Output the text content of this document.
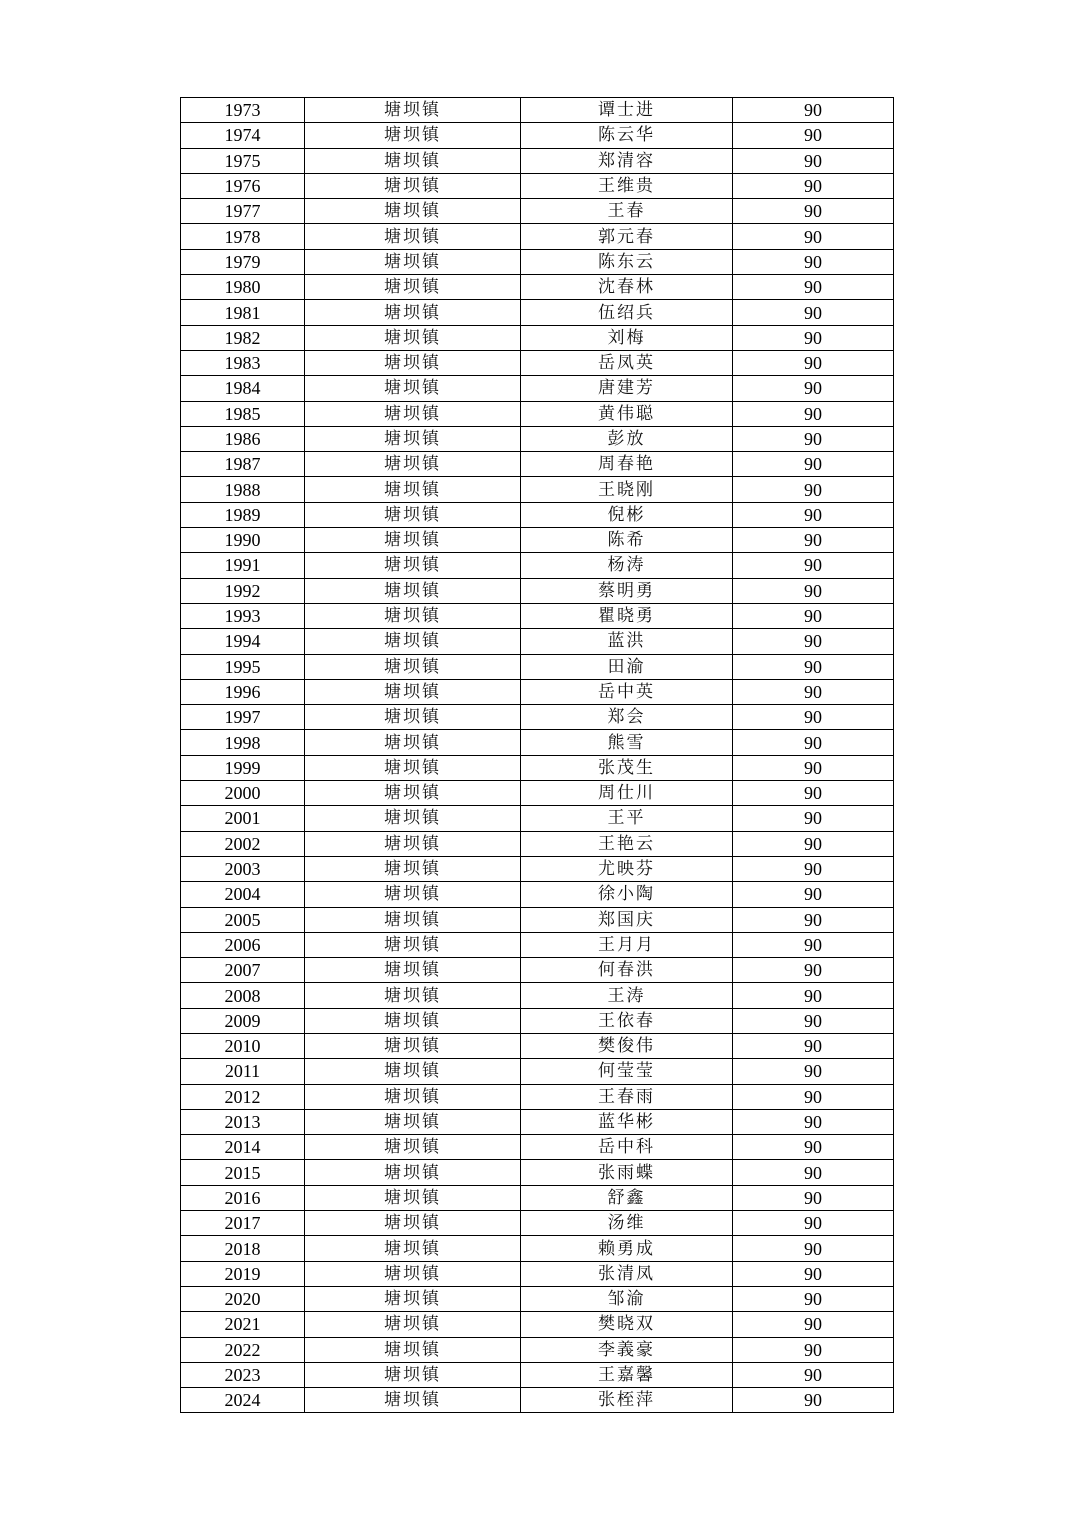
1973	塘坝镇	谭士进	90
1974	塘坝镇	陈云华	90
1975	塘坝镇	郑清容	90
1976	塘坝镇	王维贵	90
1977	塘坝镇	王春	90
1978	塘坝镇	郭元春	90
1979	塘坝镇	陈东云	90
1980	塘坝镇	沈春林	90
1981	塘坝镇	伍绍兵	90
1982	塘坝镇	刘梅	90
1983	塘坝镇	岳凤英	90
1984	塘坝镇	唐建芳	90
1985	塘坝镇	黄伟聪	90
1986	塘坝镇	彭放	90
1987	塘坝镇	周春艳	90
1988	塘坝镇	王晓刚	90
1989	塘坝镇	倪彬	90
1990	塘坝镇	陈希	90
1991	塘坝镇	杨涛	90
1992	塘坝镇	蔡明勇	90
1993	塘坝镇	瞿晓勇	90
1994	塘坝镇	蓝洪	90
1995	塘坝镇	田渝	90
1996	塘坝镇	岳中英	90
1997	塘坝镇	郑会	90
1998	塘坝镇	熊雪	90
1999	塘坝镇	张茂生	90
2000	塘坝镇	周仕川	90
2001	塘坝镇	王平	90
2002	塘坝镇	王艳云	90
2003	塘坝镇	尤映芬	90
2004	塘坝镇	徐小陶	90
2005	塘坝镇	郑国庆	90
2006	塘坝镇	王月月	90
2007	塘坝镇	何春洪	90
2008	塘坝镇	王涛	90
2009	塘坝镇	王依春	90
2010	塘坝镇	樊俊伟	90
2011	塘坝镇	何莹莹	90
2012	塘坝镇	王春雨	90
2013	塘坝镇	蓝华彬	90
2014	塘坝镇	岳中科	90
2015	塘坝镇	张雨蝶	90
2016	塘坝镇	舒鑫	90
2017	塘坝镇	汤维	90
2018	塘坝镇	赖勇成	90
2019	塘坝镇	张清凤	90
2020	塘坝镇	邹渝	90
2021	塘坝镇	樊晓双	90
2022	塘坝镇	李義豪	90
2023	塘坝镇	王嘉馨	90
2024	塘坝镇	张桎萍	90
